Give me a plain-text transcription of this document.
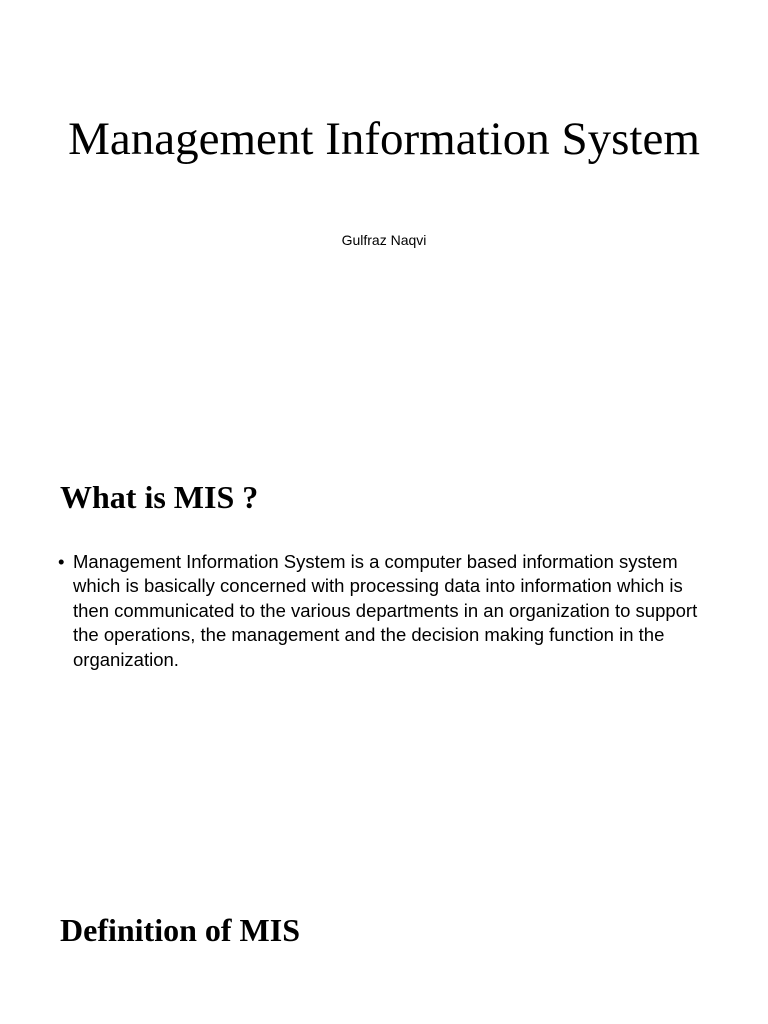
Management Information System

Gulfraz Naqvi

What is MIS ?
• Management Information System is a computer based information system which is basically concerned with processing data into information which is then communicated to the various departments in an organization to support the operations, the management and the decision making function in the organization.
Definition of MIS
